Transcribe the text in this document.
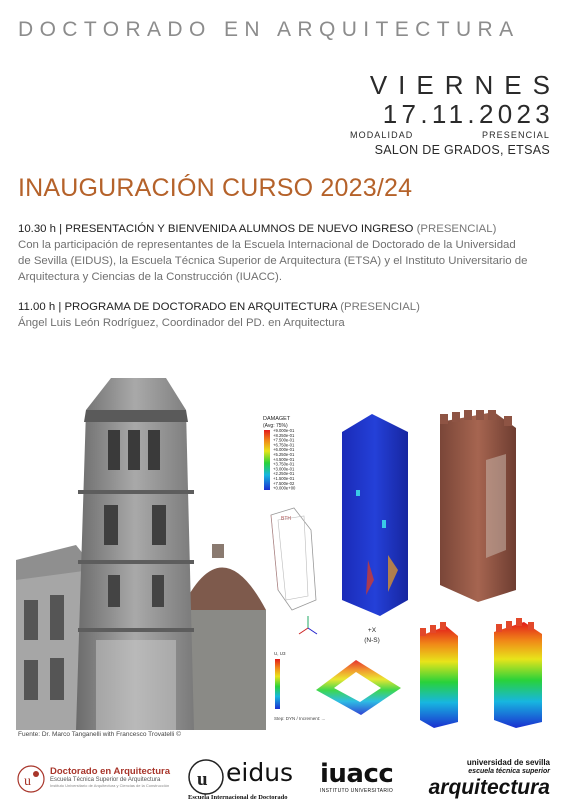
DOCTORADO EN ARQUITECTURA
VIERNES
17.11.2023
MODALIDAD	PRESENCIAL
SALON DE GRADOS, ETSAS
INAUGURACIÓN CURSO 2023/24
10.30 h | PRESENTACIÓN Y BIENVENIDA ALUMNOS DE NUEVO INGRESO (PRESENCIAL)
Con la participación de representantes de la Escuela Internacional de Doctorado de la Universidad
de Sevilla (EIDUS), la Escuela Técnica Superior de Arquitectura (ETSA) y el Instituto Universitario de
Arquitectura y Ciencias de la Construcción (IUACC).
11.00 h | PROGRAMA DE DOCTORADO EN ARQUITECTURA (PRESENCIAL)
Ángel Luis León Rodríguez, Coordinador del PD. en Arquitectura
DAMAGET
(Avg: 75%)
+9.000e-01
+8.250e-01
+7.500e-01
+6.750e-01
+6.000e-01
+5.250e-01
+4.500e-01
+3.750e-01
+3.000e-01
+2.250e-01
+1.500e-01
+7.500e-02
+0.000e+00
BTH
+X
(N-S)
U, U3
Step: DYN / Increment: ...
Fuente: Dr. Marco Tanganelli with Francesco Trovatelli ©
u
Doctorado en Arquitectura
Escuela Técnica Superior de Arquitectura
Instituto Universitario de Arquitectura y Ciencias de la Construcción	u eidus
Escuela Internacional de Doctorado
iuacc
INSTITUTO UNIVERSITARIO
universidad de sevilla
escuela técnica superior
arquitectura
